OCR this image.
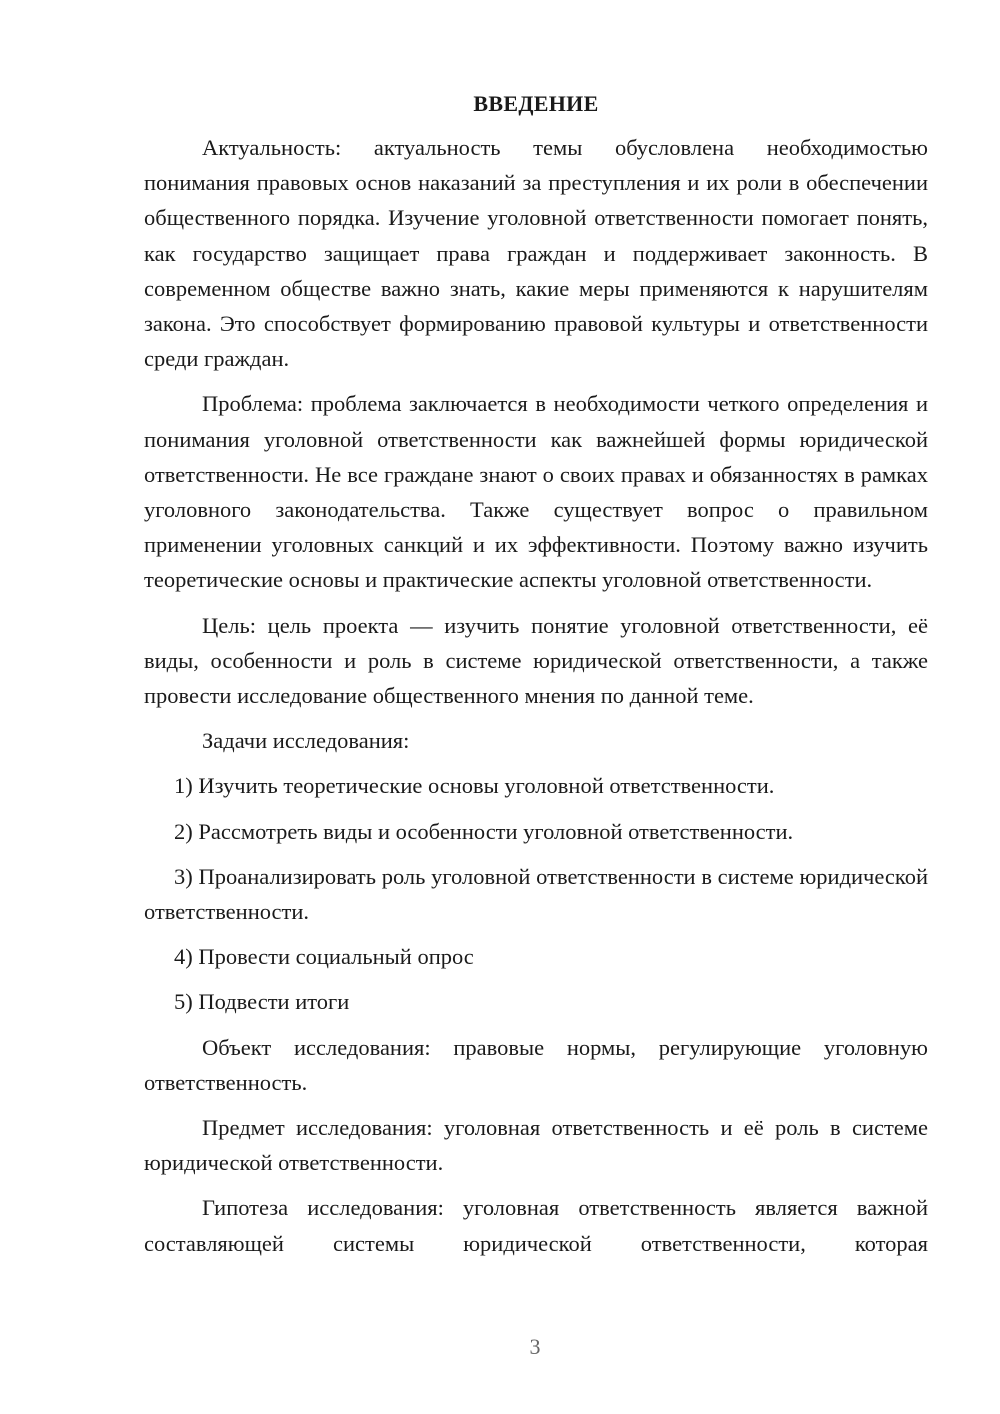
ВВЕДЕНИЕ

Актуальность: актуальность темы обусловлена необходимостью понимания правовых основ наказаний за преступления и их роли в обеспечении общественного порядка. Изучение уголовной ответственности помогает понять, как государство защищает права граждан и поддерживает законность. В современном обществе важно знать, какие меры применяются к нарушителям закона. Это способствует формированию правовой культуры и ответственности среди граждан.

Проблема: проблема заключается в необходимости четкого определения и понимания уголовной ответственности как важнейшей формы юридической ответственности. Не все граждане знают о своих правах и обязанностях в рамках уголовного законодательства. Также существует вопрос о правильном применении уголовных санкций и их эффективности. Поэтому важно изучить теоретические основы и практические аспекты уголовной ответственности.

Цель: цель проекта — изучить понятие уголовной ответственности, её виды, особенности и роль в системе юридической ответственности, а также провести исследование общественного мнения по данной теме.

Задачи исследования:

1) Изучить теоретические основы уголовной ответственности.

2) Рассмотреть виды и особенности уголовной ответственности.

3) Проанализировать роль уголовной ответственности в системе юридической ответственности.

4) Провести социальный опрос

5) Подвести итоги

Объект исследования: правовые нормы, регулирующие уголовную ответственность.

Предмет исследования: уголовная ответственность и её роль в системе юридической ответственности.

Гипотеза исследования: уголовная ответственность является важной составляющей системы юридической ответственности, которая

3
